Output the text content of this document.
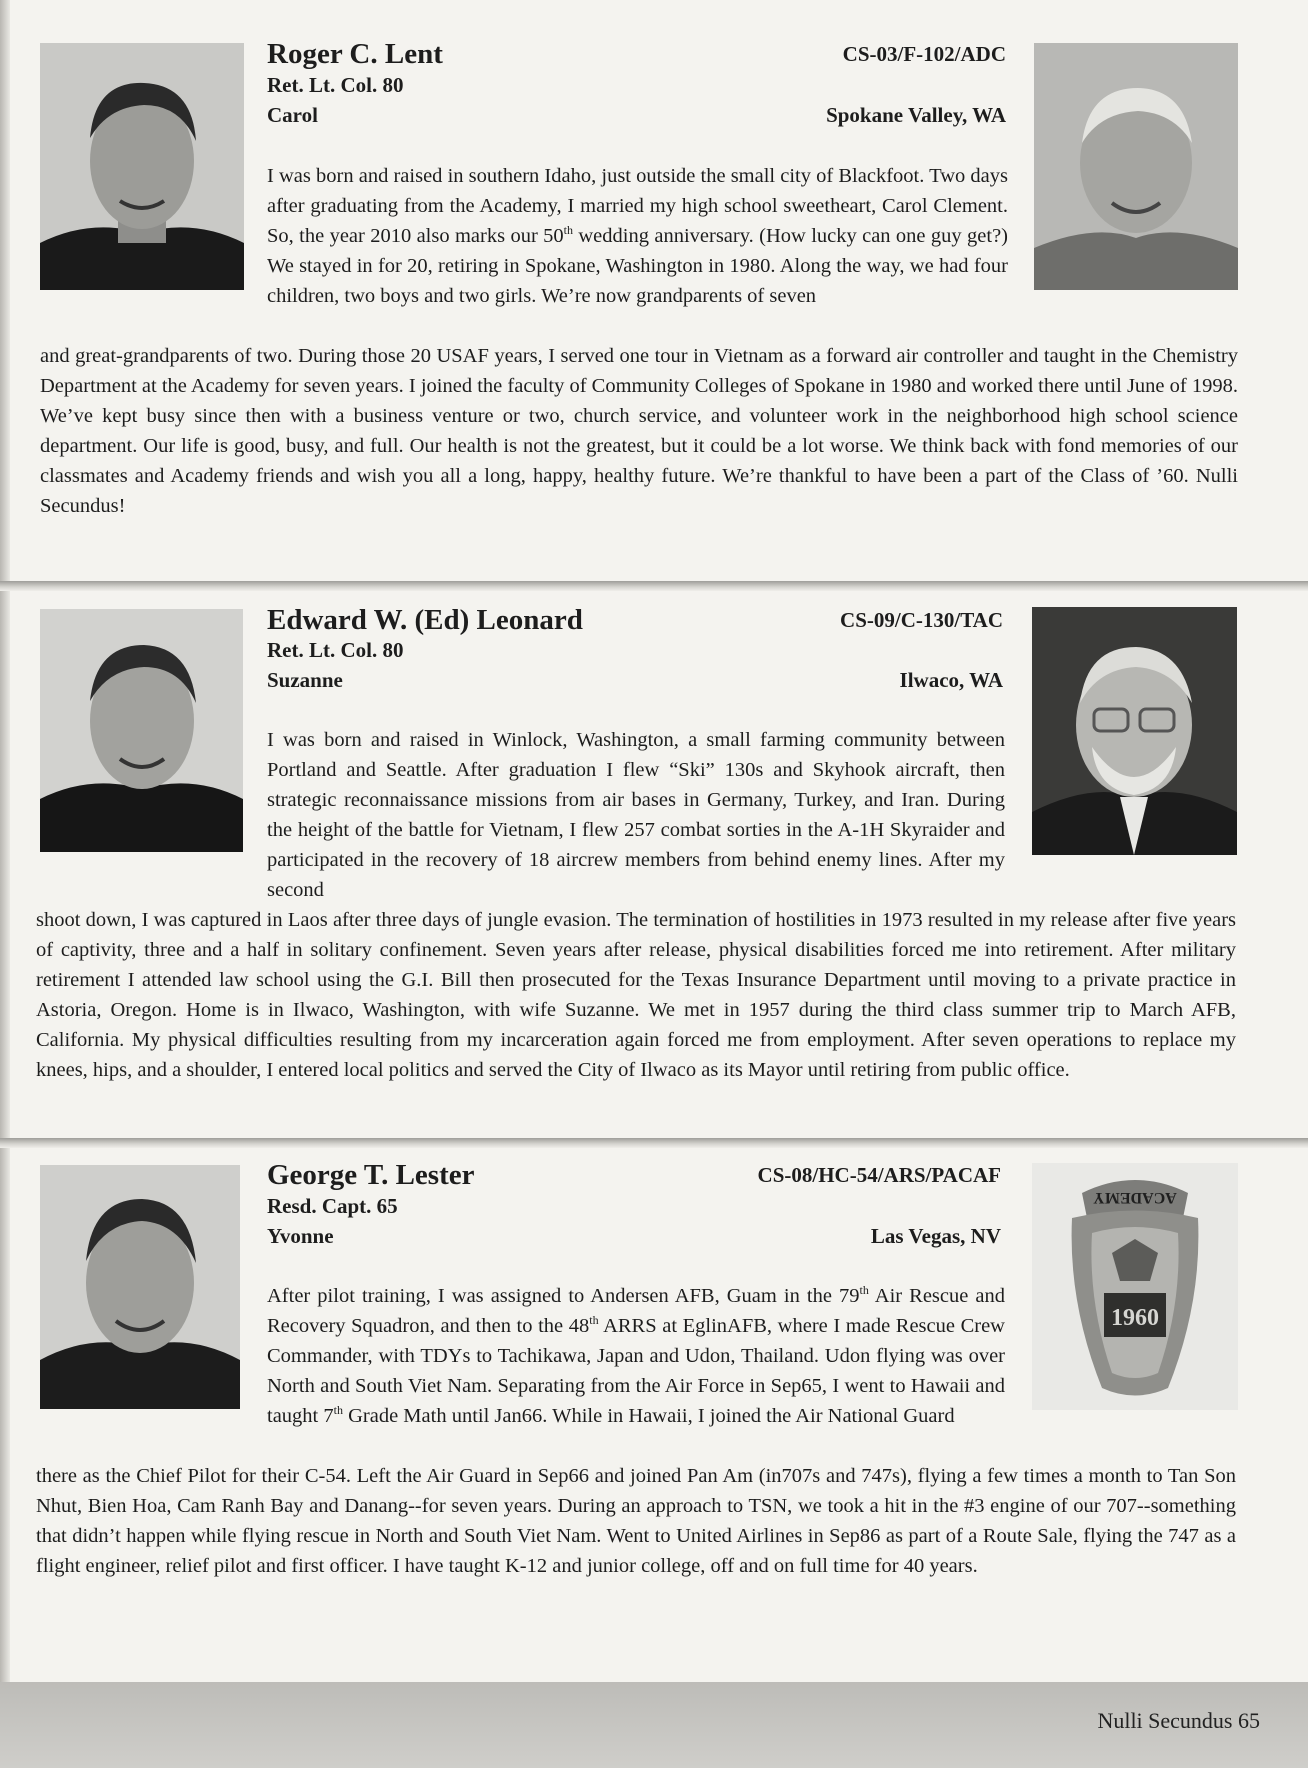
Roger C. Lent
Ret. Lt. Col. 80
Carol
CS-03/F-102/ADC
Spokane Valley, WA
I was born and raised in southern Idaho, just outside the small city of Blackfoot. Two days after graduating from the Academy, I married my high school sweetheart, Carol Clement. So, the year 2010 also marks our 50th wedding anniversary. (How lucky can one guy get?) We stayed in for 20, retiring in Spokane, Washington in 1980. Along the way, we had four children, two boys and two girls. We’re now grandparents of seven
and great-grandparents of two. During those 20 USAF years, I served one tour in Vietnam as a forward air controller and taught in the Chemistry Department at the Academy for seven years. I joined the faculty of Community Colleges of Spokane in 1980 and worked there until June of 1998. We’ve kept busy since then with a business venture or two, church service, and volunteer work in the neighborhood high school science department. Our life is good, busy, and full. Our health is not the greatest, but it could be a lot worse. We think back with fond memories of our classmates and Academy friends and wish you all a long, happy, healthy future. We’re thankful to have been a part of the Class of ’60. Nulli Secundus!
Edward W. (Ed) Leonard
Ret. Lt. Col. 80
Suzanne
CS-09/C-130/TAC
Ilwaco, WA
I was born and raised in Winlock, Washington, a small farming community between Portland and Seattle. After graduation I flew “Ski” 130s and Skyhook aircraft, then strategic reconnaissance missions from air bases in Germany, Turkey, and Iran. During the height of the battle for Vietnam, I flew 257 combat sorties in the A-1H Skyraider and participated in the recovery of 18 aircrew members from behind enemy lines. After my second
shoot down, I was captured in Laos after three days of jungle evasion. The termination of hostilities in 1973 resulted in my release after five years of captivity, three and a half in solitary confinement. Seven years after release, physical disabilities forced me into retirement. After military retirement I attended law school using the G.I. Bill then prosecuted for the Texas Insurance Department until moving to a private practice in Astoria, Oregon. Home is in Ilwaco, Washington, with wife Suzanne. We met in 1957 during the third class summer trip to March AFB, California. My physical difficulties resulting from my incarceration again forced me from employment. After seven operations to replace my knees, hips, and a shoulder, I entered local politics and served the City of Ilwaco as its Mayor until retiring from public office.
George T. Lester
Resd. Capt. 65
Yvonne
CS-08/HC-54/ARS/PACAF
Las Vegas, NV
ACADEMY
1960
After pilot training, I was assigned to Andersen AFB, Guam in the 79th Air Rescue and Recovery Squadron, and then to the 48th ARRS at EglinAFB, where I made Rescue Crew Commander, with TDYs to Tachikawa, Japan and Udon, Thailand. Udon flying was over North and South Viet Nam. Separating from the Air Force in Sep65, I went to Hawaii and taught 7th Grade Math until Jan66. While in Hawaii, I joined the Air National Guard
there as the Chief Pilot for their C-54. Left the Air Guard in Sep66 and joined Pan Am (in707s and 747s), flying a few times a month to Tan Son Nhut, Bien Hoa, Cam Ranh Bay and Danang--for seven years. During an approach to TSN, we took a hit in the #3 engine of our 707--something that didn’t happen while flying rescue in North and South Viet Nam. Went to United Airlines in Sep86 as part of a Route Sale, flying the 747 as a flight engineer, relief pilot and first officer. I have taught K-12 and junior college, off and on full time for 40 years.
Nulli Secundus 65
